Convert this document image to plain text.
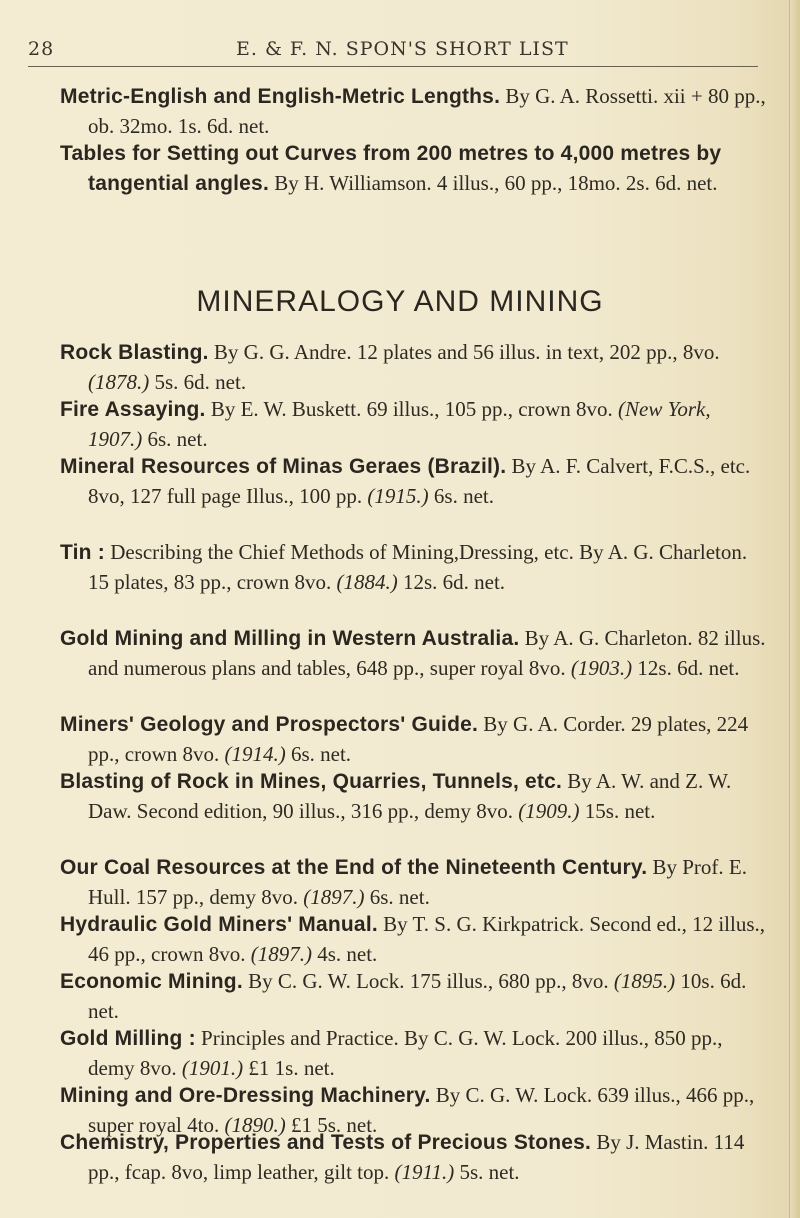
28	E. & F. N. SPON'S SHORT LIST
Metric-English and English-Metric Lengths. By G. A. Rossetti. xii + 80 pp., ob. 32mo. 1s. 6d. net.
Tables for Setting out Curves from 200 metres to 4,000 metres by tangential angles. By H. Williamson. 4 illus., 60 pp., 18mo. 2s. 6d. net.
MINERALOGY AND MINING
Rock Blasting. By G. G. Andre. 12 plates and 56 illus. in text, 202 pp., 8vo. (1878.) 5s. 6d. net.
Fire Assaying. By E. W. Buskett. 69 illus., 105 pp., crown 8vo. (New York, 1907.) 6s. net.
Mineral Resources of Minas Geraes (Brazil). By A. F. Calvert, F.C.S., etc. 8vo, 127 full page Illus., 100 pp. (1915.) 6s. net.
Tin : Describing the Chief Methods of Mining,Dressing, etc. By A. G. Charleton. 15 plates, 83 pp., crown 8vo. (1884.) 12s. 6d. net.
Gold Mining and Milling in Western Australia. By A. G. Charleton. 82 illus. and numerous plans and tables, 648 pp., super royal 8vo. (1903.) 12s. 6d. net.
Miners' Geology and Prospectors' Guide. By G. A. Corder. 29 plates, 224 pp., crown 8vo. (1914.) 6s. net.
Blasting of Rock in Mines, Quarries, Tunnels, etc. By A. W. and Z. W. Daw. Second edition, 90 illus., 316 pp., demy 8vo. (1909.) 15s. net.
Our Coal Resources at the End of the Nineteenth Century. By Prof. E. Hull. 157 pp., demy 8vo. (1897.) 6s. net.
Hydraulic Gold Miners' Manual. By T. S. G. Kirkpatrick. Second ed., 12 illus., 46 pp., crown 8vo. (1897.) 4s. net.
Economic Mining. By C. G. W. Lock. 175 illus., 680 pp., 8vo. (1895.) 10s. 6d. net.
Gold Milling : Principles and Practice. By C. G. W. Lock. 200 illus., 850 pp., demy 8vo. (1901.) £1 1s. net.
Mining and Ore-Dressing Machinery. By C. G. W. Lock. 639 illus., 466 pp., super royal 4to. (1890.) £1 5s. net.
Chemistry, Properties and Tests of Precious Stones. By J. Mastin. 114 pp., fcap. 8vo, limp leather, gilt top. (1911.) 5s. net.
